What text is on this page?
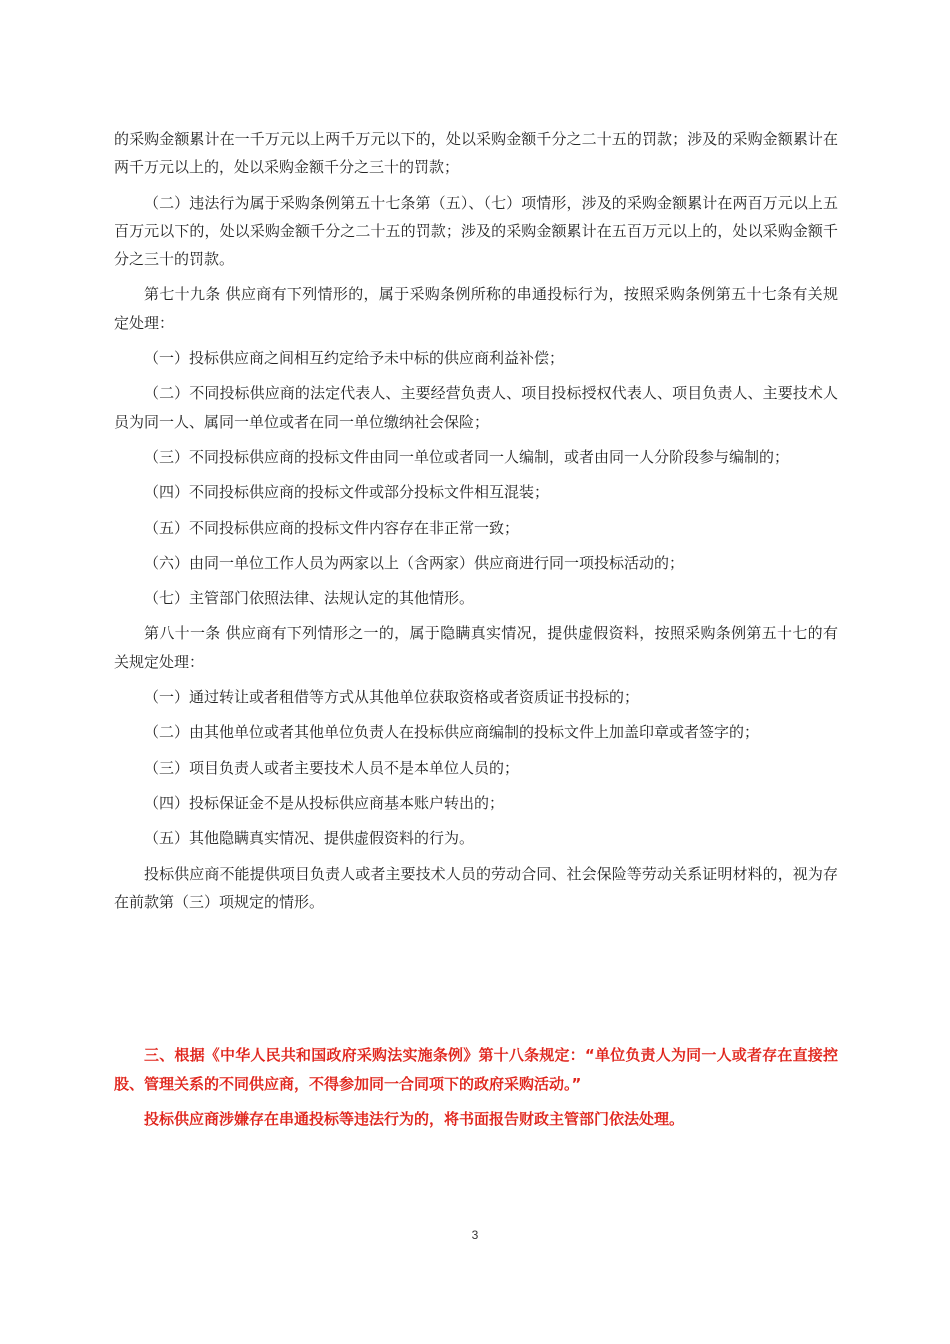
的采购金额累计在一千万元以上两千万元以下的，处以采购金额千分之二十五的罚款；涉及的采购金额累计在两千万元以上的，处以采购金额千分之三十的罚款；

（二）违法行为属于采购条例第五十七条第（五）、（七）项情形，涉及的采购金额累计在两百万元以上五百万元以下的，处以采购金额千分之二十五的罚款；涉及的采购金额累计在五百万元以上的，处以采购金额千分之三十的罚款。

第七十九条 供应商有下列情形的，属于采购条例所称的串通投标行为，按照采购条例第五十七条有关规定处理：

（一）投标供应商之间相互约定给予未中标的供应商利益补偿；

（二）不同投标供应商的法定代表人、主要经营负责人、项目投标授权代表人、项目负责人、主要技术人员为同一人、属同一单位或者在同一单位缴纳社会保险；

（三）不同投标供应商的投标文件由同一单位或者同一人编制，或者由同一人分阶段参与编制的；

（四）不同投标供应商的投标文件或部分投标文件相互混装；

（五）不同投标供应商的投标文件内容存在非正常一致；

（六）由同一单位工作人员为两家以上（含两家）供应商进行同一项投标活动的；

（七）主管部门依照法律、法规认定的其他情形。

第八十一条 供应商有下列情形之一的，属于隐瞒真实情况，提供虚假资料，按照采购条例第五十七的有关规定处理：

（一）通过转让或者租借等方式从其他单位获取资格或者资质证书投标的；

（二）由其他单位或者其他单位负责人在投标供应商编制的投标文件上加盖印章或者签字的；

（三）项目负责人或者主要技术人员不是本单位人员的；

（四）投标保证金不是从投标供应商基本账户转出的；

（五）其他隐瞒真实情况、提供虚假资料的行为。

投标供应商不能提供项目负责人或者主要技术人员的劳动合同、社会保险等劳动关系证明材料的，视为存在前款第（三）项规定的情形。

三、根据《中华人民共和国政府采购法实施条例》第十八条规定：“单位负责人为同一人或者存在直接控股、管理关系的不同供应商，不得参加同一合同项下的政府采购活动。”

投标供应商涉嫌存在串通投标等违法行为的，将书面报告财政主管部门依法处理。

3
